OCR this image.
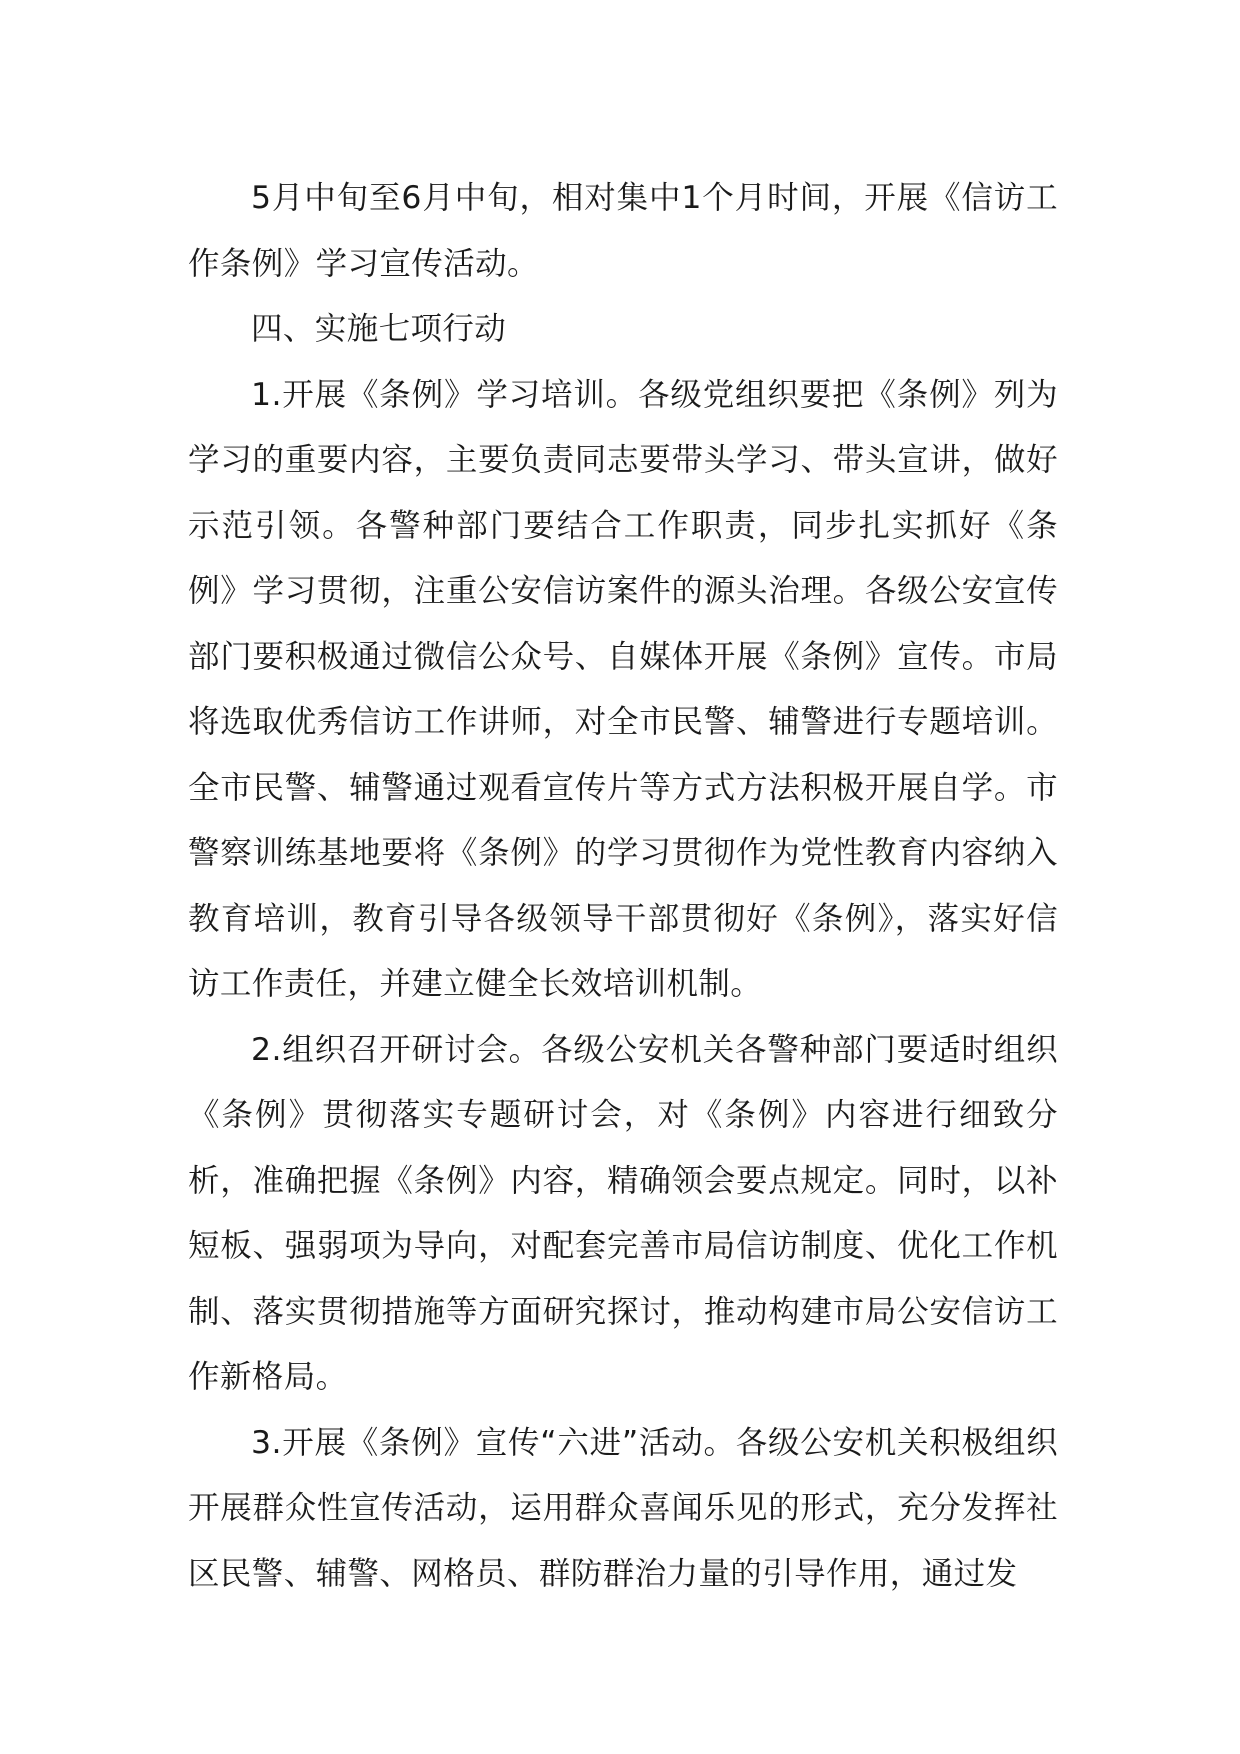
5月中旬至6月中旬，相对集中1个月时间，开展《信访工作条例》学习宣传活动。

四、实施七项行动

1.开展《条例》学习培训。各级党组织要把《条例》列为学习的重要内容，主要负责同志要带头学习、带头宣讲，做好示范引领。各警种部门要结合工作职责，同步扎实抓好《条例》学习贯彻，注重公安信访案件的源头治理。各级公安宣传部门要积极通过微信公众号、自媒体开展《条例》宣传。市局将选取优秀信访工作讲师，对全市民警、辅警进行专题培训。全市民警、辅警通过观看宣传片等方式方法积极开展自学。市警察训练基地要将《条例》的学习贯彻作为党性教育内容纳入教育培训，教育引导各级领导干部贯彻好《条例》，落实好信访工作责任，并建立健全长效培训机制。

2.组织召开研讨会。各级公安机关各警种部门要适时组织《条例》贯彻落实专题研讨会，对《条例》内容进行细致分析，准确把握《条例》内容，精确领会要点规定。同时，以补短板、强弱项为导向，对配套完善市局信访制度、优化工作机制、落实贯彻措施等方面研究探讨，推动构建市局公安信访工作新格局。

3.开展《条例》宣传“六进”活动。各级公安机关积极组织开展群众性宣传活动，运用群众喜闻乐见的形式，充分发挥社区民警、辅警、网格员、群防群治力量的引导作用，通过发
